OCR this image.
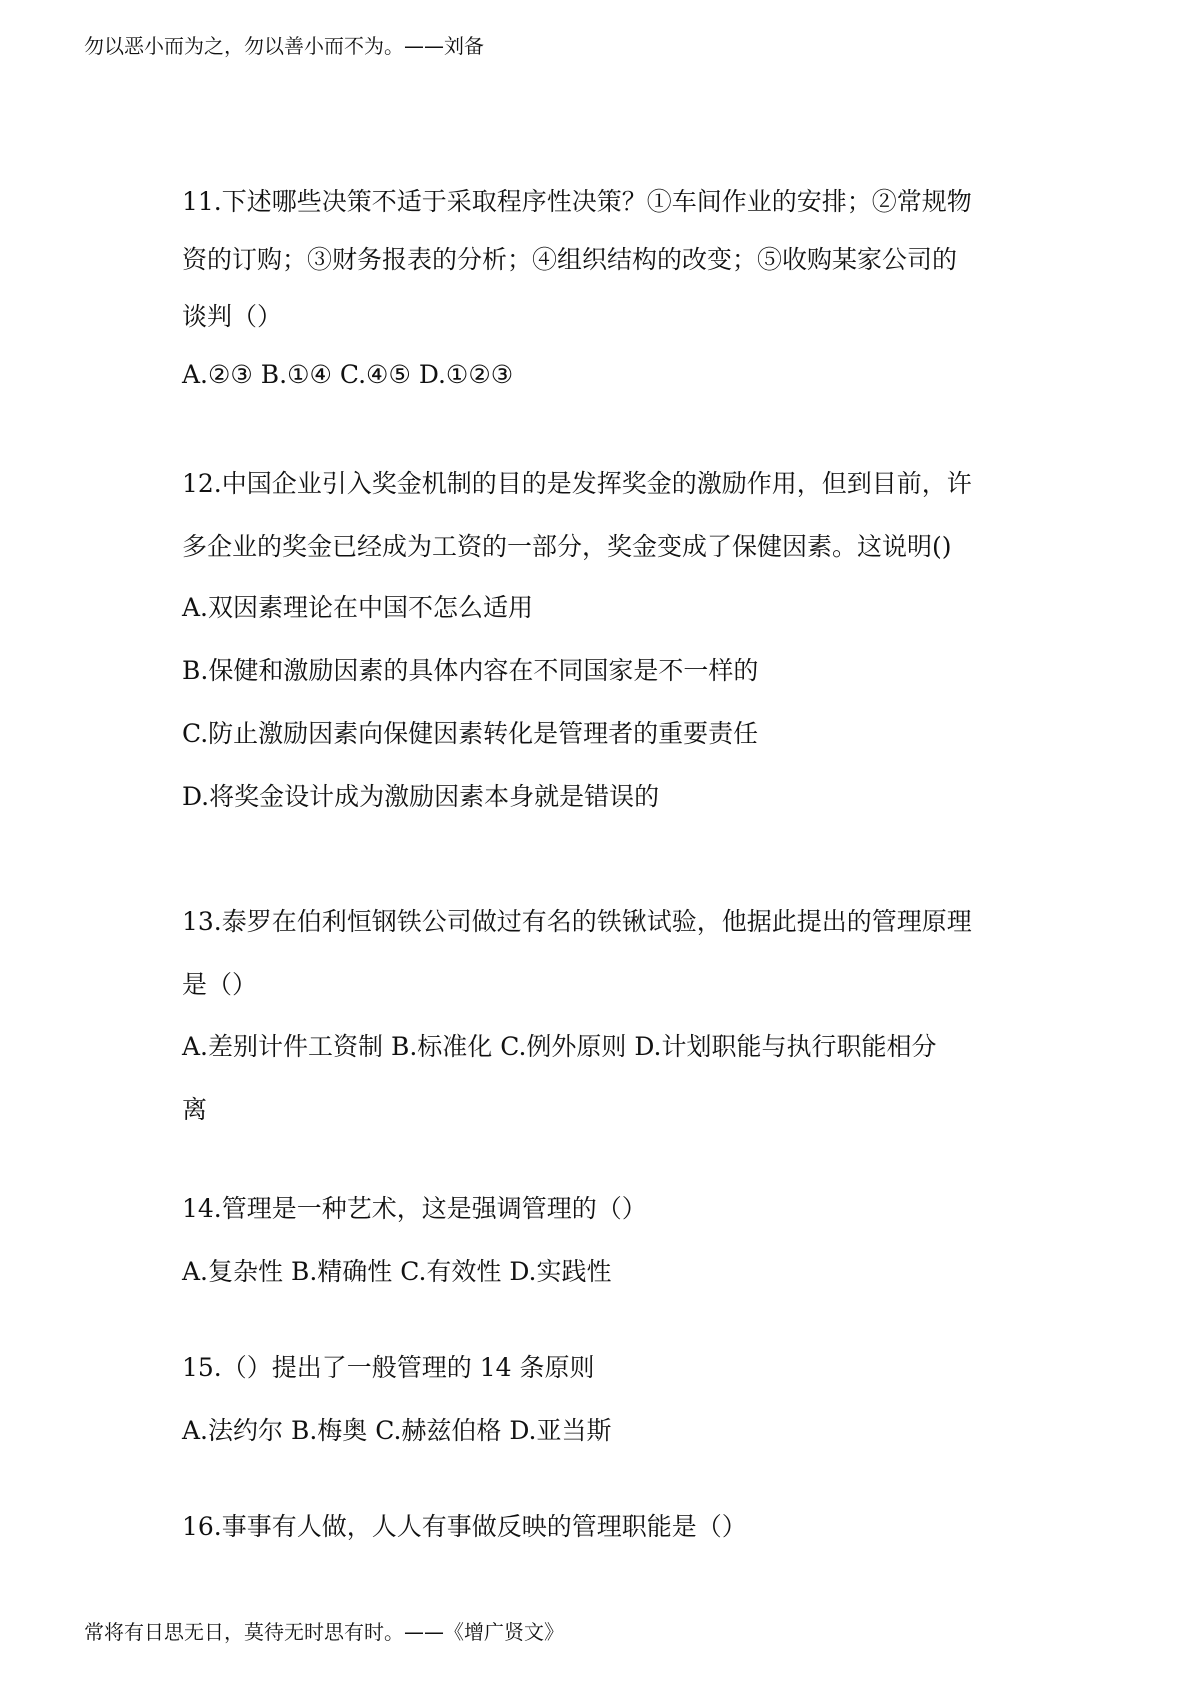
勿以恶小而为之，勿以善小而不为。——刘备
11.下述哪些决策不适于采取程序性决策？①车间作业的安排；②常规物
资的订购；③财务报表的分析；④组织结构的改变；⑤收购某家公司的
谈判（）
A.②③ B.①④ C.④⑤ D.①②③
12.中国企业引入奖金机制的目的是发挥奖金的激励作用，但到目前，许
多企业的奖金已经成为工资的一部分，奖金变成了保健因素。这说明()
A.双因素理论在中国不怎么适用
B.保健和激励因素的具体内容在不同国家是不一样的
C.防止激励因素向保健因素转化是管理者的重要责任
D.将奖金设计成为激励因素本身就是错误的
13.泰罗在伯利恒钢铁公司做过有名的铁锹试验，他据此提出的管理原理
是（）
A.差别计件工资制 B.标准化 C.例外原则 D.计划职能与执行职能相分
离
14.管理是一种艺术，这是强调管理的（）
A.复杂性 B.精确性 C.有效性 D.实践性
15.（）提出了一般管理的 14 条原则
A.法约尔 B.梅奥 C.赫兹伯格 D.亚当斯
16.事事有人做，人人有事做反映的管理职能是（）
常将有日思无日，莫待无时思有时。——《增广贤文》
